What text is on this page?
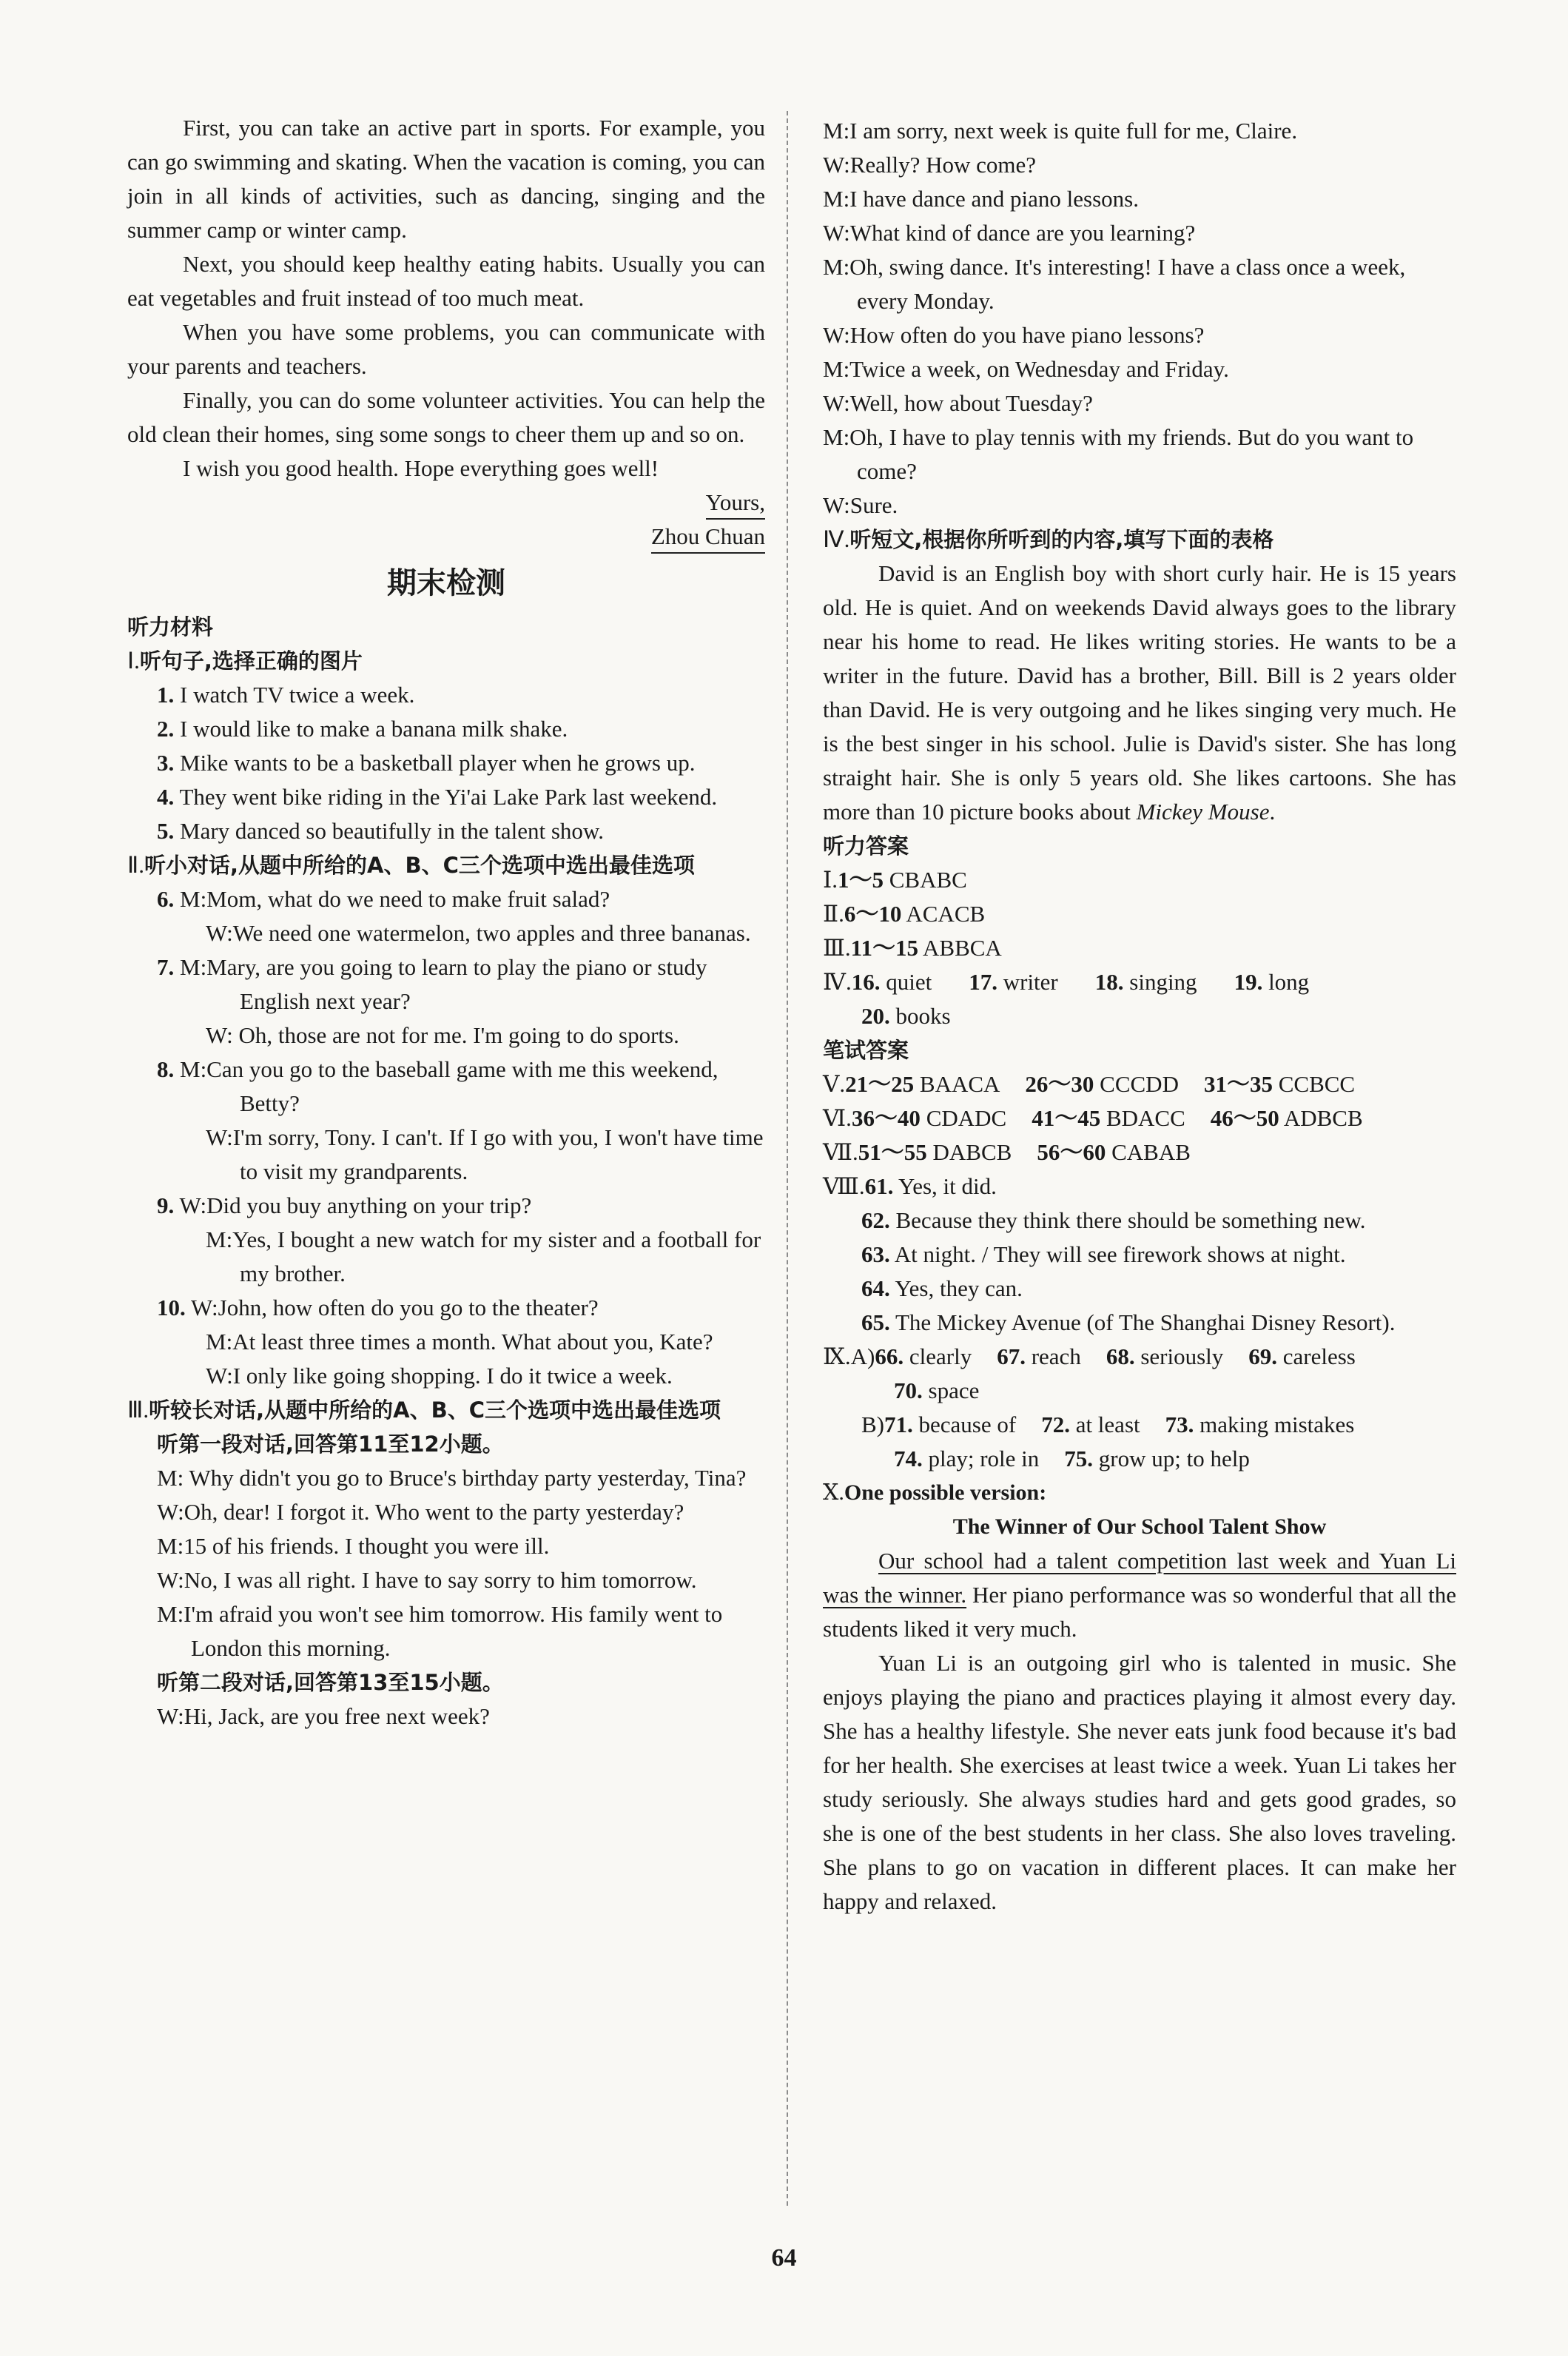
First, you can take an active part in sports. For example, you can go swimming and skating. When the vacation is coming, you can join in all kinds of activities, such as dancing, singing and the summer camp or winter camp.

Next, you should keep healthy eating habits. Usually you can eat vegetables and fruit instead of too much meat.

When you have some problems, you can communicate with your parents and teachers.

Finally, you can do some volunteer activities. You can help the old clean their homes, sing some songs to cheer them up and so on.

I wish you good health. Hope everything goes well!

Yours,

Zhou Chuan

期末检测

听力材料

Ⅰ.听句子,选择正确的图片

1. I watch TV twice a week.

2. I would like to make a banana milk shake.

3. Mike wants to be a basketball player when he grows up.

4. They went bike riding in the Yi'ai Lake Park last weekend.

5. Mary danced so beautifully in the talent show.

Ⅱ.听小对话,从题中所给的A、B、C三个选项中选出最佳选项

6. M:Mom, what do we need to make fruit salad?

W:We need one watermelon, two apples and three bananas.

7. M:Mary, are you going to learn to play the piano or study English next year?

W: Oh, those are not for me. I'm going to do sports.

8. M:Can you go to the baseball game with me this weekend, Betty?

W:I'm sorry, Tony. I can't. If I go with you, I won't have time to visit my grandparents.

9. W:Did you buy anything on your trip?

M:Yes, I bought a new watch for my sister and a football for my brother.

10. W:John, how often do you go to the theater?

M:At least three times a month. What about you, Kate?

W:I only like going shopping. I do it twice a week.

Ⅲ.听较长对话,从题中所给的A、B、C三个选项中选出最佳选项

听第一段对话,回答第11至12小题。

M: Why didn't you go to Bruce's birthday party yesterday, Tina?

W:Oh, dear! I forgot it. Who went to the party yesterday?

M:15 of his friends. I thought you were ill.

W:No, I was all right. I have to say sorry to him tomorrow.

M:I'm afraid you won't see him tomorrow. His family went to London this morning.

听第二段对话,回答第13至15小题。

W:Hi, Jack, are you free next week?

M:I am sorry, next week is quite full for me, Claire.

W:Really? How come?

M:I have dance and piano lessons.

W:What kind of dance are you learning?

M:Oh, swing dance. It's interesting! I have a class once a week, every Monday.

W:How often do you have piano lessons?

M:Twice a week, on Wednesday and Friday.

W:Well, how about Tuesday?

M:Oh, I have to play tennis with my friends. But do you want to come?

W:Sure.

Ⅳ.听短文,根据你所听到的内容,填写下面的表格

David is an English boy with short curly hair. He is 15 years old. He is quiet. And on weekends David always goes to the library near his home to read. He likes writing stories. He wants to be a writer in the future. David has a brother, Bill. Bill is 2 years older than David. He is very outgoing and he likes singing very much. He is the best singer in his school. Julie is David's sister. She has long straight hair. She is only 5 years old. She likes cartoons. She has more than 10 picture books about Mickey Mouse.

听力答案

Ⅰ.1～5 CBABC

Ⅱ.6～10 ACACB

Ⅲ.11～15 ABBCA

Ⅳ.16. quiet 17. writer 18. singing 19. long

20. books

笔试答案

Ⅴ.21～25 BAACA 26～30 CCCDD 31～35 CCBCC

Ⅵ.36～40 CDADC 41～45 BDACC 46～50 ADBCB

Ⅶ.51～55 DABCB 56～60 CABAB

Ⅷ.61. Yes, it did.

62. Because they think there should be something new.

63. At night. / They will see firework shows at night.

64. Yes, they can.

65. The Mickey Avenue (of The Shanghai Disney Resort).

Ⅸ.A)66. clearly 67. reach 68. seriously 69. careless

70. space

B)71. because of 72. at least 73. making mistakes

74. play; role in 75. grow up; to help

Ⅹ.One possible version:

The Winner of Our School Talent Show

Our school had a talent competition last week and Yuan Li was the winner. Her piano performance was so wonderful that all the students liked it very much.

Yuan Li is an outgoing girl who is talented in music. She enjoys playing the piano and practices playing it almost every day. She has a healthy lifestyle. She never eats junk food because it's bad for her health. She exercises at least twice a week. Yuan Li takes her study seriously. She always studies hard and gets good grades, so she is one of the best students in her class. She also loves traveling. She plans to go on vacation in different places. It can make her happy and relaxed.

64
